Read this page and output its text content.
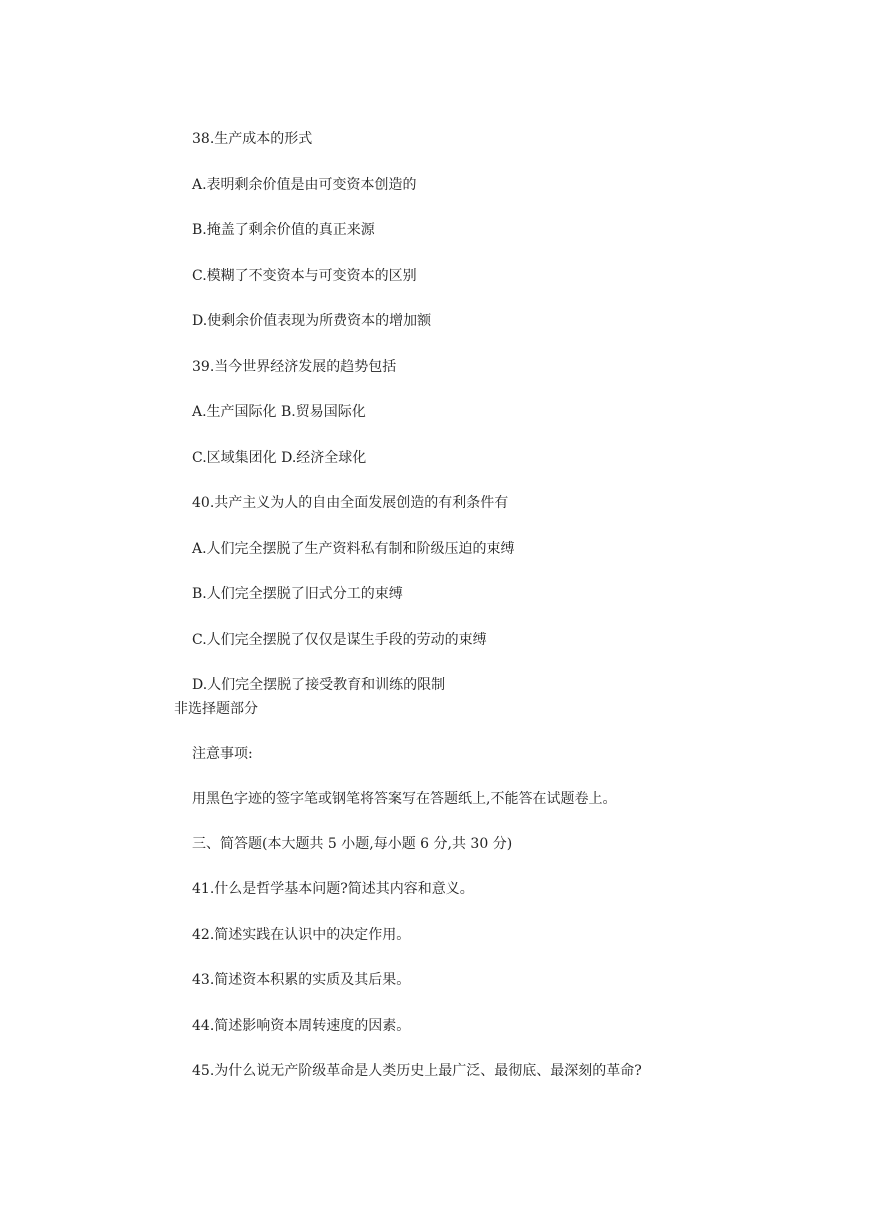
38.生产成本的形式
A.表明剩余价值是由可变资本创造的
B.掩盖了剩余价值的真正来源
C.模糊了不变资本与可变资本的区别
D.使剩余价值表现为所费资本的增加额
39.当今世界经济发展的趋势包括
A.生产国际化 B.贸易国际化
C.区域集团化 D.经济全球化
40.共产主义为人的自由全面发展创造的有利条件有
A.人们完全摆脱了生产资料私有制和阶级压迫的束缚
B.人们完全摆脱了旧式分工的束缚
C.人们完全摆脱了仅仅是谋生手段的劳动的束缚
D.人们完全摆脱了接受教育和训练的限制
非选择题部分
注意事项:
用黑色字迹的签字笔或钢笔将答案写在答题纸上,不能答在试题卷上。
三、简答题(本大题共 5 小题,每小题 6 分,共 30 分)
41.什么是哲学基本问题?简述其内容和意义。
42.简述实践在认识中的决定作用。
43.简述资本积累的实质及其后果。
44.简述影响资本周转速度的因素。
45.为什么说无产阶级革命是人类历史上最广泛、最彻底、最深刻的革命?
